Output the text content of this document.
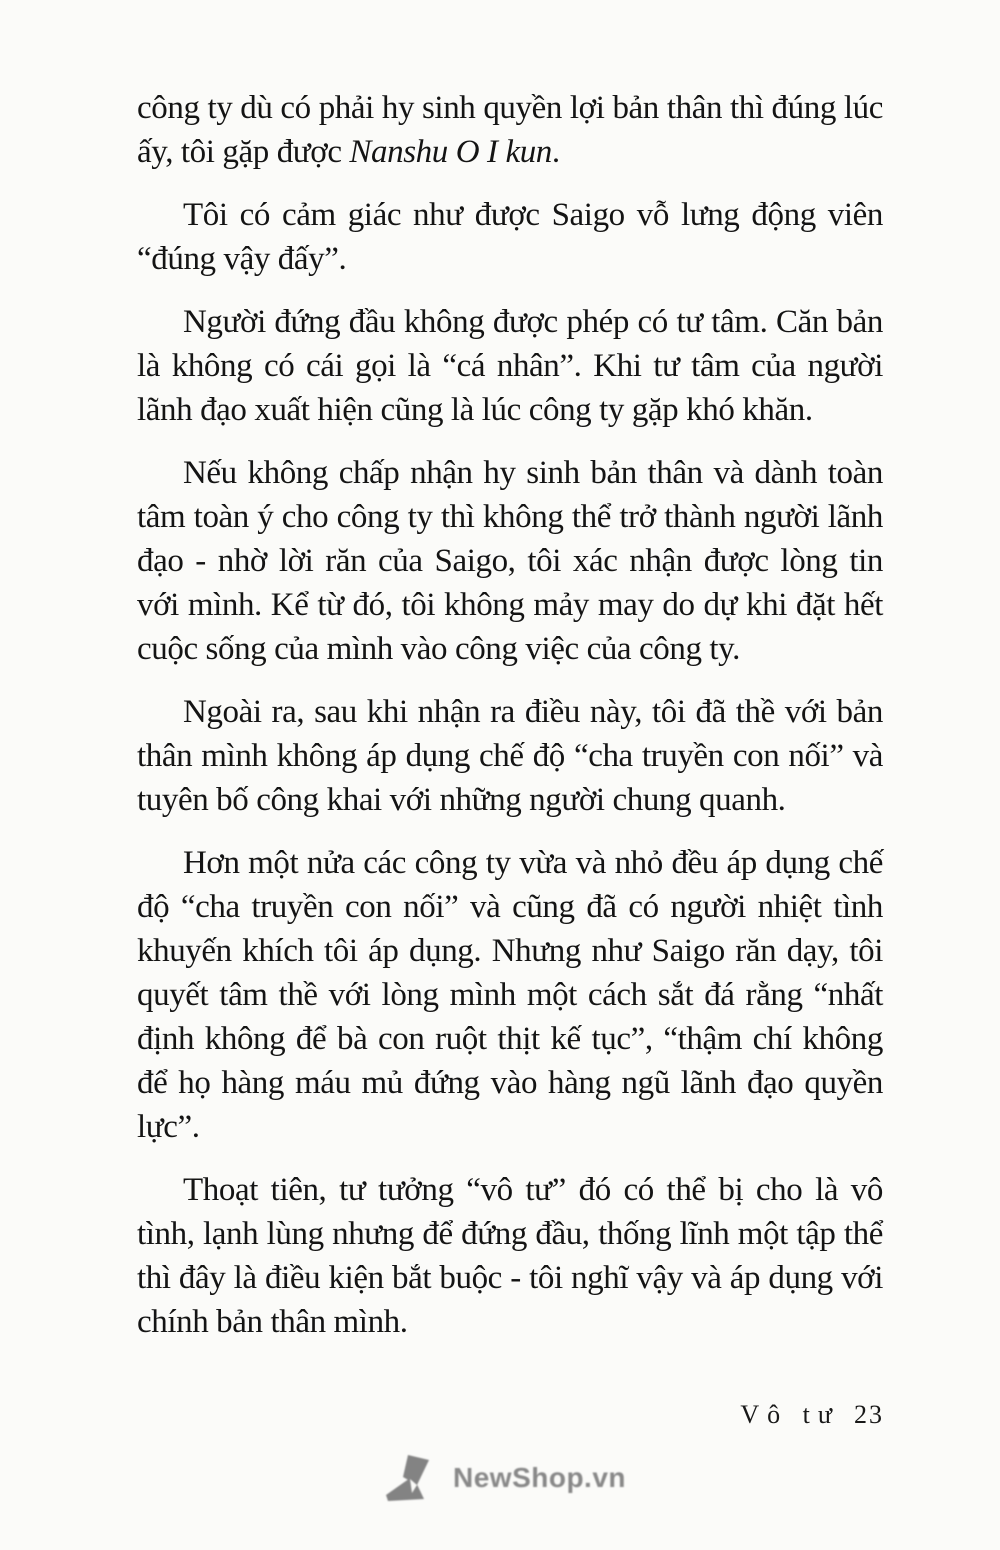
công ty dù có phải hy sinh quyền lợi bản thân thì đúng lúc ấy, tôi gặp được Nanshu O I kun.

Tôi có cảm giác như được Saigo vỗ lưng động viên “đúng vậy đấy”.

Người đứng đầu không được phép có tư tâm. Căn bản là không có cái gọi là “cá nhân”. Khi tư tâm của người lãnh đạo xuất hiện cũng là lúc công ty gặp khó khăn.

Nếu không chấp nhận hy sinh bản thân và dành toàn tâm toàn ý cho công ty thì không thể trở thành người lãnh đạo - nhờ lời răn của Saigo, tôi xác nhận được lòng tin với mình. Kể từ đó, tôi không mảy may do dự khi đặt hết cuộc sống của mình vào công việc của công ty.

Ngoài ra, sau khi nhận ra điều này, tôi đã thề với bản thân mình không áp dụng chế độ “cha truyền con nối” và tuyên bố công khai với những người chung quanh.

Hơn một nửa các công ty vừa và nhỏ đều áp dụng chế độ “cha truyền con nối” và cũng đã có người nhiệt tình khuyến khích tôi áp dụng. Nhưng như Saigo răn dạy, tôi quyết tâm thề với lòng mình một cách sắt đá rằng “nhất định không để bà con ruột thịt kế tục”, “thậm chí không để họ hàng máu mủ đứng vào hàng ngũ lãnh đạo quyền lực”.

Thoạt tiên, tư tưởng “vô tư” đó có thể bị cho là vô tình, lạnh lùng nhưng để đứng đầu, thống lĩnh một tập thể thì đây là điều kiện bắt buộc - tôi nghĩ vậy và áp dụng với chính bản thân mình.

Vô tư 23
NewShop.vn
